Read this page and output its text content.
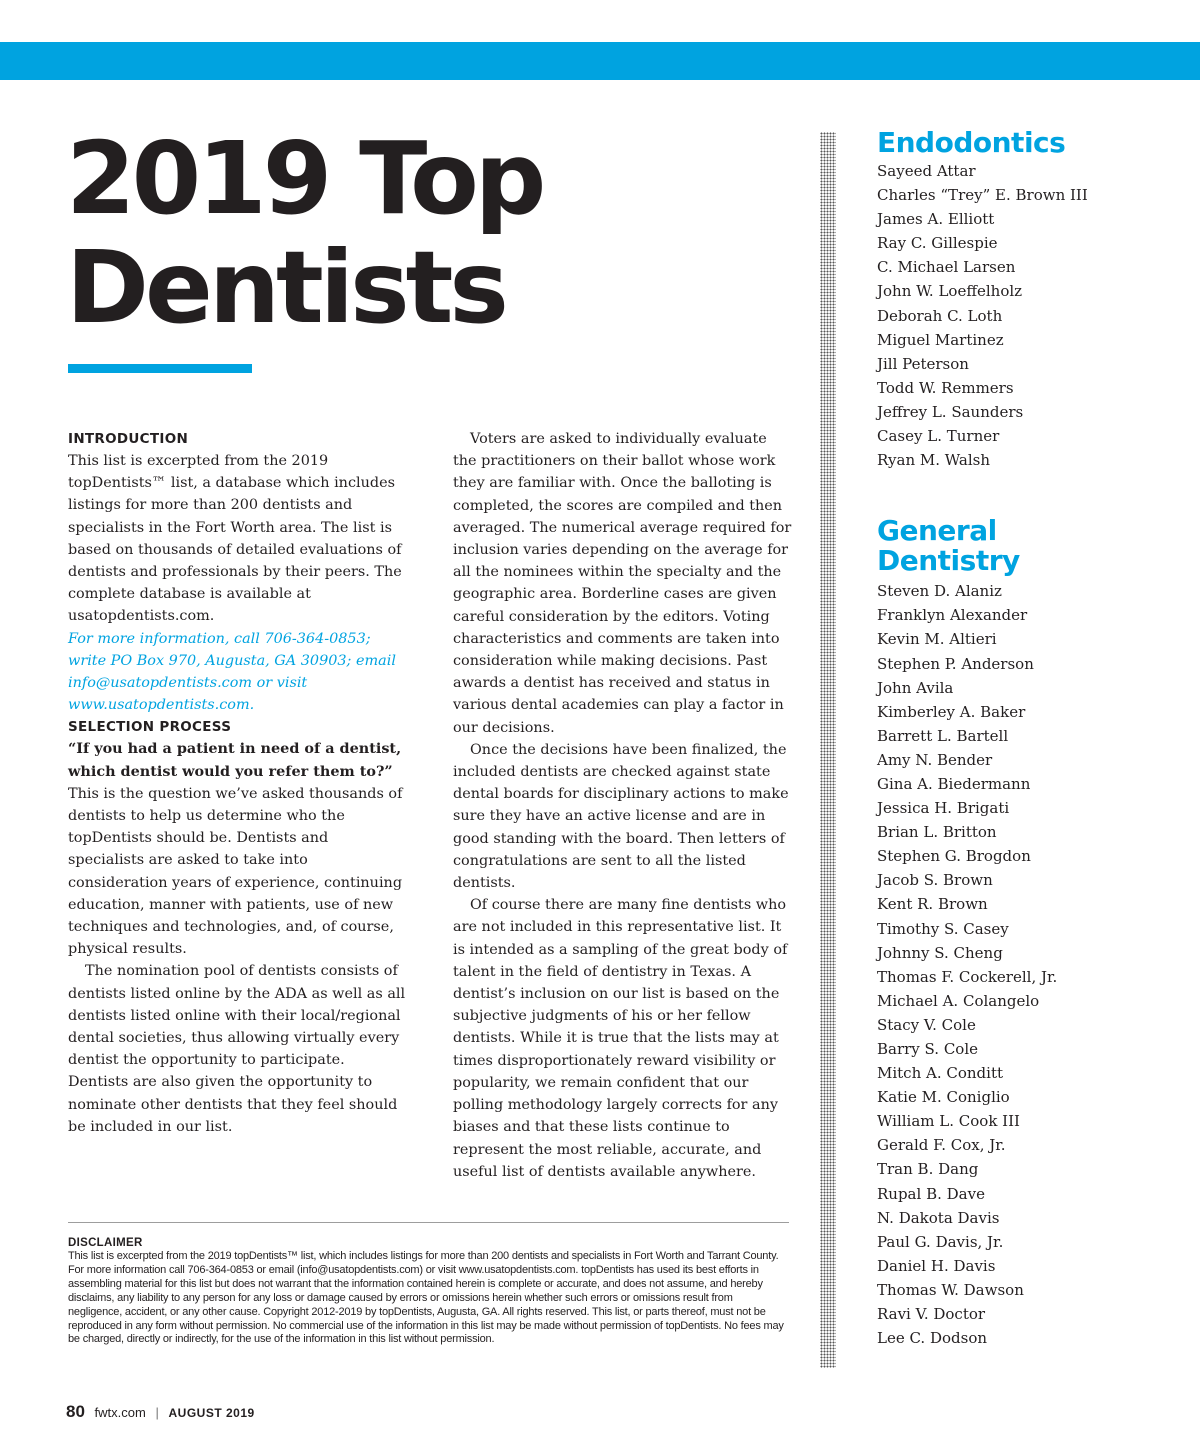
2019 Top
Dentists

INTRODUCTION

This list is excerpted from the 2019 topDentists™ list, a database which includes listings for more than 200 dentists and specialists in the Fort Worth area. The list is based on thousands of detailed evaluations of dentists and professionals by their peers. The complete database is available at usatopdentists.com.

For more information, call 706-364-0853; write PO Box 970, Augusta, GA 30903; email info@usatopdentists.com or visit www.usatopdentists.com.

SELECTION PROCESS

“If you had a patient in need of a dentist, which dentist would you refer them to?”

This is the question we’ve asked thousands of dentists to help us determine who the topDentists should be. Dentists and specialists are asked to take into consideration years of experience, continuing education, manner with patients, use of new techniques and technologies, and, of course, physical results.

The nomination pool of dentists consists of dentists listed online by the ADA as well as all dentists listed online with their local/regional dental societies, thus allowing virtually every dentist the opportunity to participate. Dentists are also given the opportunity to nominate other dentists that they feel should be included in our list.

Voters are asked to individually evaluate the practitioners on their ballot whose work they are familiar with. Once the balloting is completed, the scores are compiled and then averaged. The numerical average required for inclusion varies depending on the average for all the nominees within the specialty and the geographic area. Borderline cases are given careful consideration by the editors. Voting characteristics and comments are taken into consideration while making decisions. Past awards a dentist has received and status in various dental academies can play a factor in our decisions.

Once the decisions have been finalized, the included dentists are checked against state dental boards for disciplinary actions to make sure they have an active license and are in good standing with the board. Then letters of congratulations are sent to all the listed dentists.

Of course there are many fine dentists who are not included in this representative list. It is intended as a sampling of the great body of talent in the field of dentistry in Texas. A dentist’s inclusion on our list is based on the subjective judgments of his or her fellow dentists. While it is true that the lists may at times disproportionately reward visibility or popularity, we remain confident that our polling methodology largely corrects for any biases and that these lists continue to represent the most reliable, accurate, and useful list of dentists available anywhere.

DISCLAIMER

This list is excerpted from the 2019 topDentists™ list, which includes listings for more than 200 dentists and specialists in Fort Worth and Tarrant County. For more information call 706-364-0853 or email (info@usatopdentists.com) or visit www.usatopdentists.com. topDentists has used its best efforts in assembling material for this list but does not warrant that the information contained herein is complete or accurate, and does not assume, and hereby disclaims, any liability to any person for any loss or damage caused by errors or omissions herein whether such errors or omissions result from negligence, accident, or any other cause. Copyright 2012-2019 by topDentists, Augusta, GA. All rights reserved. This list, or parts thereof, must not be reproduced in any form without permission. No commercial use of the information in this list may be made without permission of topDentists. No fees may be charged, directly or indirectly, for the use of the information in this list without permission.

80 fwtx.com | AUGUST 2019
Endodontics
Sayeed Attar
Charles “Trey” E. Brown III
James A. Elliott
Ray C. Gillespie
C. Michael Larsen
John W. Loeffelholz
Deborah C. Loth
Miguel Martinez
Jill Peterson
Todd W. Remmers
Jeffrey L. Saunders
Casey L. Turner
Ryan M. Walsh
General
Dentistry
Steven D. Alaniz
Franklyn Alexander
Kevin M. Altieri
Stephen P. Anderson
John Avila
Kimberley A. Baker
Barrett L. Bartell
Amy N. Bender
Gina A. Biedermann
Jessica H. Brigati
Brian L. Britton
Stephen G. Brogdon
Jacob S. Brown
Kent R. Brown
Timothy S. Casey
Johnny S. Cheng
Thomas F. Cockerell, Jr.
Michael A. Colangelo
Stacy V. Cole
Barry S. Cole
Mitch A. Conditt
Katie M. Coniglio
William L. Cook III
Gerald F. Cox, Jr.
Tran B. Dang
Rupal B. Dave
N. Dakota Davis
Paul G. Davis, Jr.
Daniel H. Davis
Thomas W. Dawson
Ravi V. Doctor
Lee C. Dodson
